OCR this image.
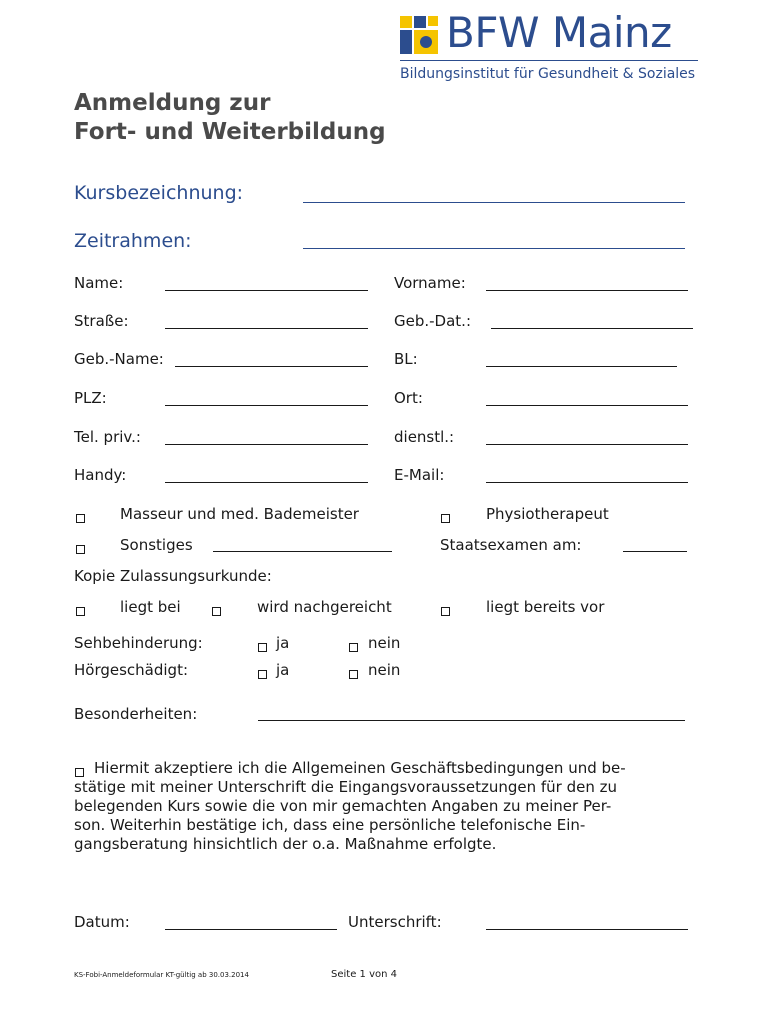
BFW Mainz
Bildungsinstitut für Gesundheit & Soziales
Anmeldung zur
Fort- und Weiterbildung
Kursbezeichnung:
Zeitrahmen:
Name:	Vorname:
Straße:	Geb.-Dat.:
Geb.-Name:	BL:
PLZ:	Ort:
Tel. priv.:	dienstl.:
Handy:	E-Mail:
Masseur und med. Bademeister	Physiotherapeut
Sonstiges	Staatsexamen am:
Kopie Zulassungsurkunde:
liegt bei	wird nachgereicht	liegt bereits vor
Sehbehinderung:	ja	nein
Hörgeschädigt:	ja	nein
Besonderheiten:
Hiermit akzeptiere ich die Allgemeinen Geschäftsbedingungen und be-
stätige mit meiner Unterschrift die Eingangsvoraussetzungen für den zu
belegenden Kurs sowie die von mir gemachten Angaben zu meiner Per-
son. Weiterhin bestätige ich, dass eine persönliche telefonische Ein-
gangsberatung hinsichtlich der o.a. Maßnahme erfolgte.
Datum:	Unterschrift:
KS-Fobi-Anmeldeformular KT-gültig ab 30.03.2014	Seite 1 von 4
